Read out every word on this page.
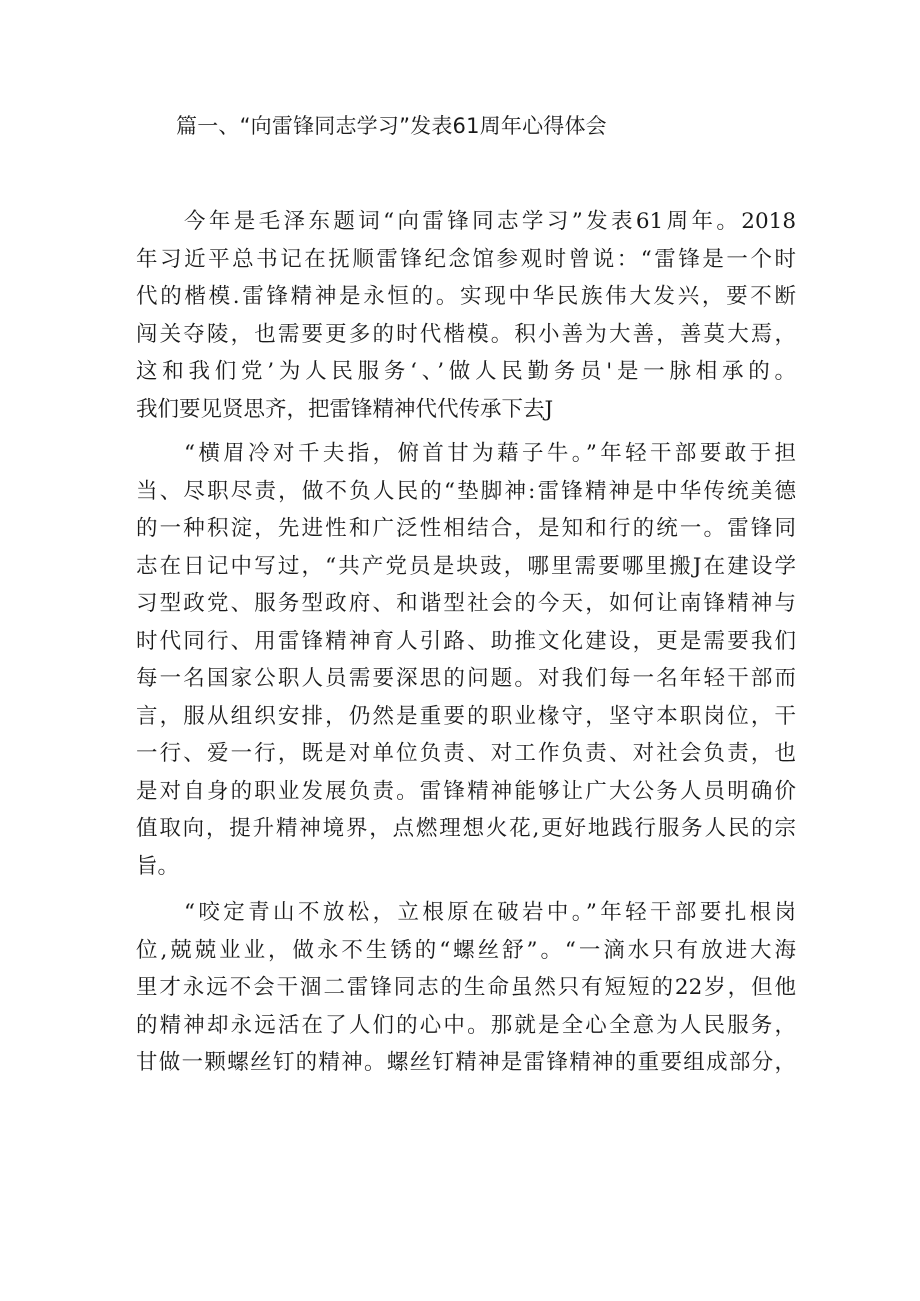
篇一、“向雷锋同志学习”发表61周年心得体会

今年是毛泽东题词“向雷锋同志学习”发表61周年。2018
年习近平总书记在抚顺雷锋纪念馆参观时曾说：“雷锋是一个时
代的楷模.雷锋精神是永恒的。实现中华民族伟大发兴，要不断
闯关夺陵，也需要更多的时代楷模。积小善为大善，善莫大焉，
这和我们党’为人民服务‘、’做人民勤务员'是一脉相承的。
我们要见贤思齐，把雷锋精神代代传承下去J

“横眉冷对千夫指，俯首甘为藉子牛。”年轻干部要敢于担
当、尽职尽责，做不负人民的“垫脚神:雷锋精神是中华传统美德
的一种积淀，先进性和广泛性相结合，是知和行的统一。雷锋同
志在日记中写过，“共产党员是块豉，哪里需要哪里搬J在建设学
习型政党、服务型政府、和谐型社会的今天，如何让南锋精神与
时代同行、用雷锋精神育人引路、助推文化建设，更是需要我们
每一名国家公职人员需要深思的问题。对我们每一名年轻干部而
言，服从组织安排，仍然是重要的职业椽守，坚守本职岗位，干
一行、爱一行，既是对单位负责、对工作负责、对社会负责，也
是对自身的职业发展负责。雷锋精神能够让广大公务人员明确价
值取向，提升精神境界，点燃理想火花,更好地践行服务人民的宗
旨。

“咬定青山不放松，立根原在破岩中。”年轻干部要扎根岗
位,兢兢业业，做永不生锈的“螺丝舒”。“一滴水只有放进大海
里才永远不会干涸二雷锋同志的生命虽然只有短短的22岁，但他
的精神却永远活在了人们的心中。那就是全心全意为人民服务，
甘做一颗螺丝钉的精神。螺丝钉精神是雷锋精神的重要组成部分，
